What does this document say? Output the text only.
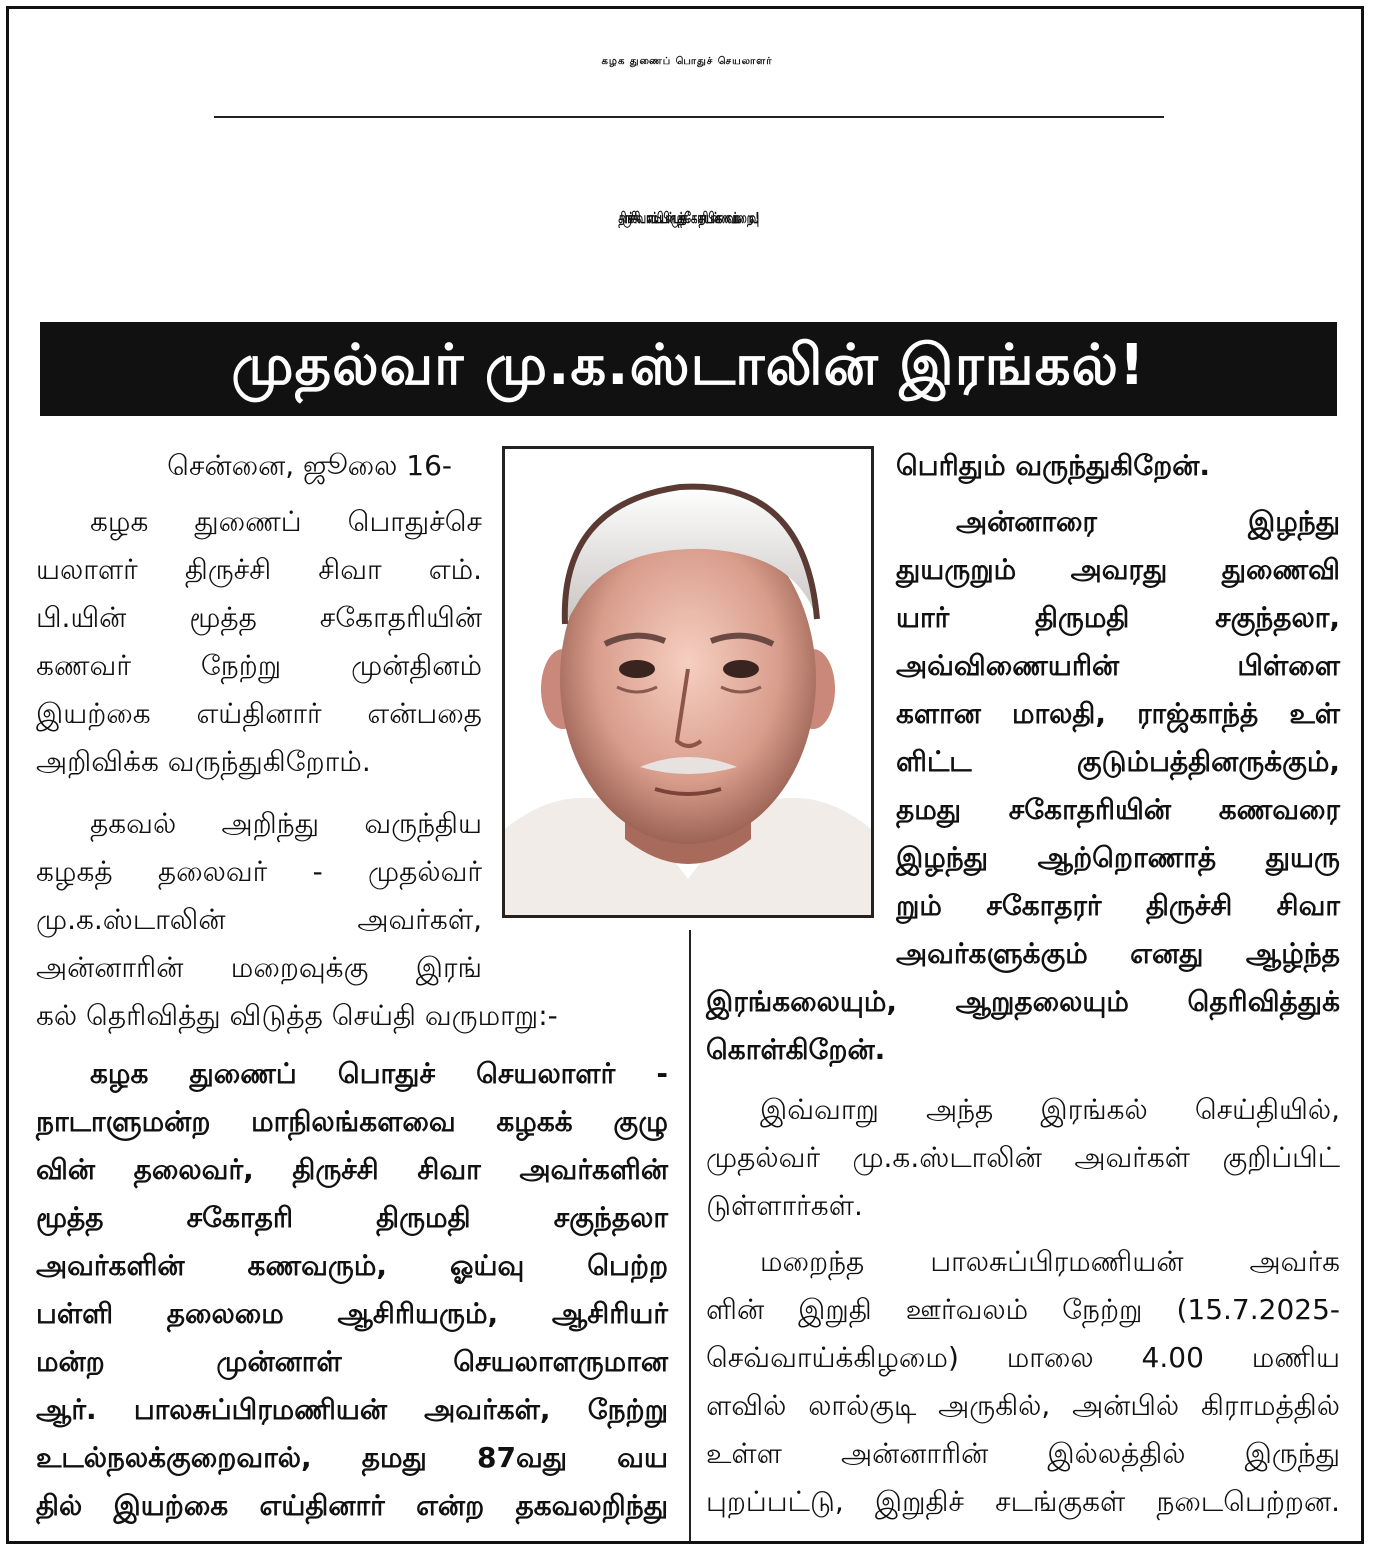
கழக துணைப் பொதுச் செயலாளர்
திருச்சி சிவா எம்.பி.யின் மூத்த சகோதரியின் கணவர் மறைவு!
முதல்வர் மு.க.ஸ்டாலின் இரங்கல்!

சென்னை, ஜூலை 16-

கழக துணைப் பொதுச்செ

யலாளர் திருச்சி சிவா எம்.

பி.யின் மூத்த சகோதரியின்

கணவர் நேற்று முன்தினம்

இயற்கை எய்தினார் என்பதை

அறிவிக்க வருந்துகிறோம்.

தகவல் அறிந்து வருந்திய

கழகத் தலைவர் - முதல்வர்

மு.க.ஸ்டாலின் அவர்கள்,

அன்னாரின் மறைவுக்கு இரங்

கல் தெரிவித்து விடுத்த செய்தி வருமாறு:-

கழக துணைப் பொதுச் செயலாளர் -

நாடாளுமன்ற மாநிலங்களவை கழகக் குழு

வின் தலைவர், திருச்சி சிவா அவர்களின்

மூத்த சகோதரி திருமதி சகுந்தலா

அவர்களின் கணவரும், ஓய்வு பெற்ற

பள்ளி தலைமை ஆசிரியரும், ஆசிரியர்

மன்ற முன்னாள் செயலாளருமான

ஆர். பாலசுப்பிரமணியன் அவர்கள், நேற்று

உடல்நலக்குறைவால், தமது 87வது வய

தில் இயற்கை எய்தினார் என்ற தகவலறிந்து

பெரிதும் வருந்துகிறேன்.

அன்னாரை இழந்து

துயருறும் அவரது துணைவி

யார் திருமதி சகுந்தலா,

அவ்விணையரின் பிள்ளை

களான மாலதி, ராஜ்காந்த் உள்

ளிட்ட குடும்பத்தினருக்கும்,

தமது சகோதரியின் கணவரை

இழந்து ஆற்றொணாத் துயரு

றும் சகோதரர் திருச்சி சிவா

அவர்களுக்கும் எனது ஆழ்ந்த

இரங்கலையும், ஆறுதலையும் தெரிவித்துக்

கொள்கிறேன்.

இவ்வாறு அந்த இரங்கல் செய்தியில்,

முதல்வர் மு.க.ஸ்டாலின் அவர்கள் குறிப்பிட்

டுள்ளார்கள்.

மறைந்த பாலசுப்பிரமணியன் அவர்க

ளின் இறுதி ஊர்வலம் நேற்று (15.7.2025-

செவ்வாய்க்கிழமை) மாலை 4.00 மணிய

ளவில் லால்குடி அருகில், அன்பில் கிராமத்தில்

உள்ள அன்னாரின் இல்லத்தில் இருந்து

புறப்பட்டு, இறுதிச் சடங்குகள் நடைபெற்றன.
